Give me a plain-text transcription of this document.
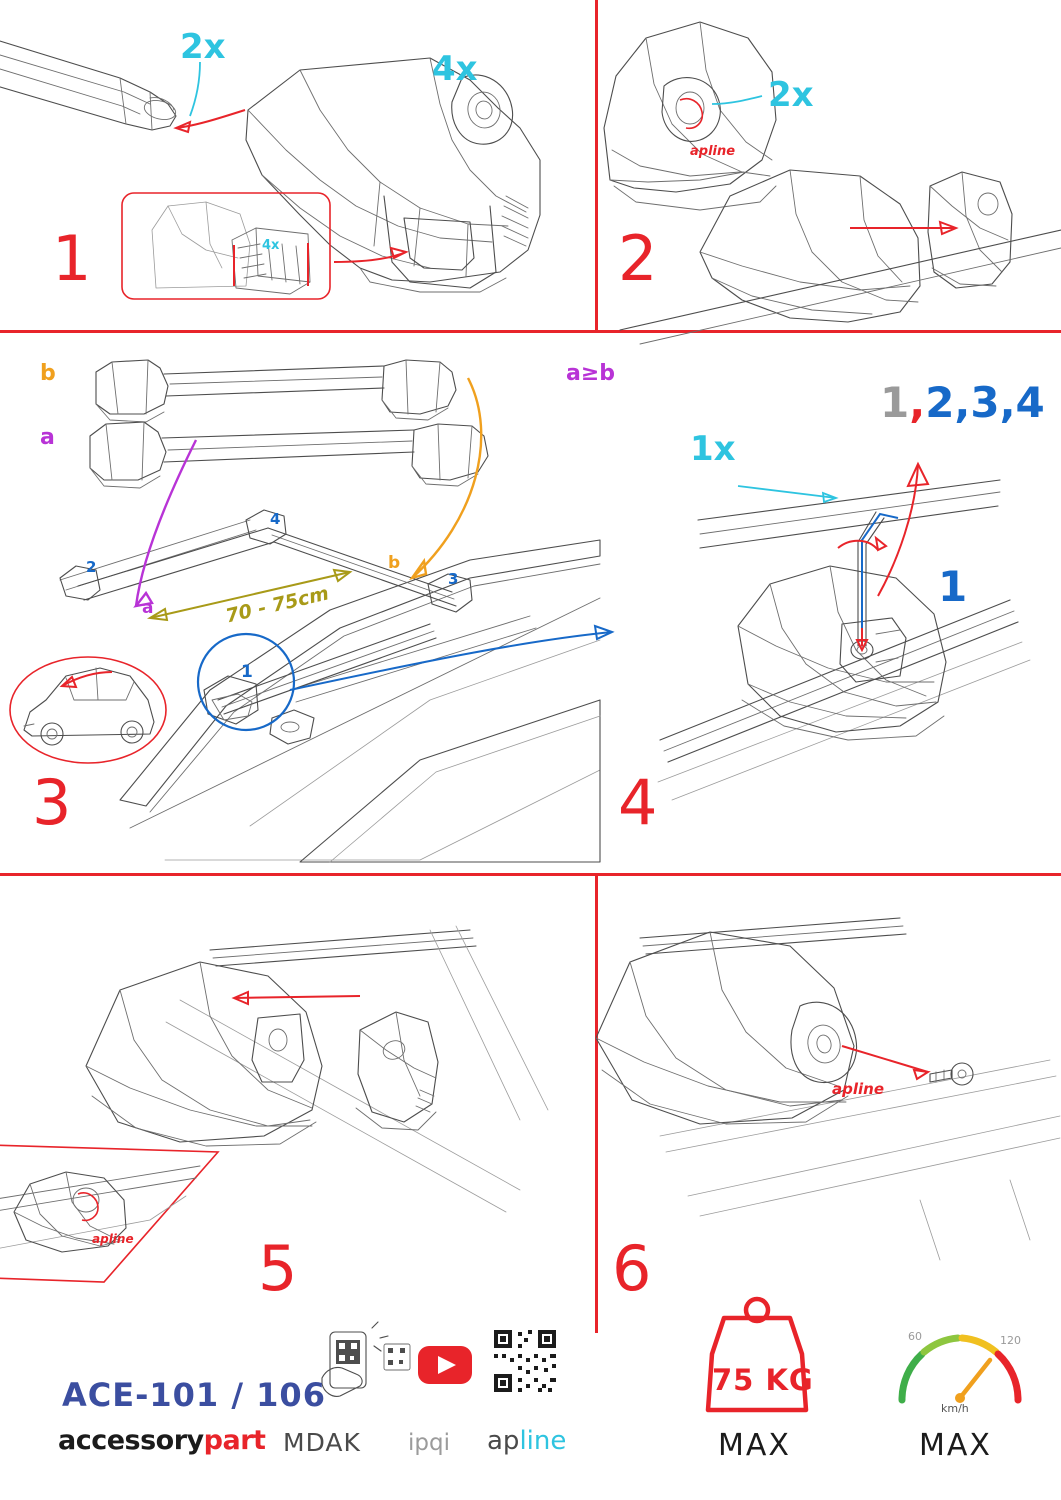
apline
apline
apline
1	2
3	4
5	6
2x
4x
4x
2x
b
a
a≥b
70 - 75cm
1
2
3
4
a
b
1x
1,2,3,4
1
ACE-101 / 106
accessorypart MDAK ipqi apline
75 KG
MAX	MAX
km/h
60	120
